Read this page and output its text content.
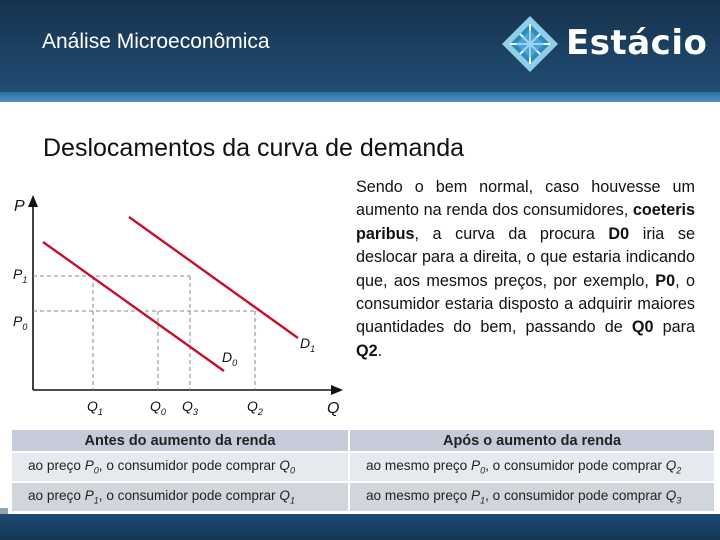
Análise Microeconômica	Estácio
Deslocamentos da curva de demanda
P
Q
$P_1$
$P_0$
$Q_1$	$Q_0$ $Q_3$	$Q_2$
$D_0$
$D_1$
Sendo o bem normal, caso houvesse um aumento na renda dos consumidores, coeteris paribus, a curva da procura D0 iria se deslocar para a direita, o que estaria indicando que, aos mesmos preços, por exemplo, P0, o consumidor estaria disposto a adquirir maiores quantidades do bem, passando de Q0 para Q2.
Antes do aumento da renda	Após o aumento da renda
ao preço $P_0$, o consumidor pode comprar $Q_0$	ao mesmo preço $P_0$, o consumidor pode comprar $Q_2$
ao preço $P_1$, o consumidor pode comprar $Q_1$	ao mesmo preço $P_1$, o consumidor pode comprar $Q_3$
